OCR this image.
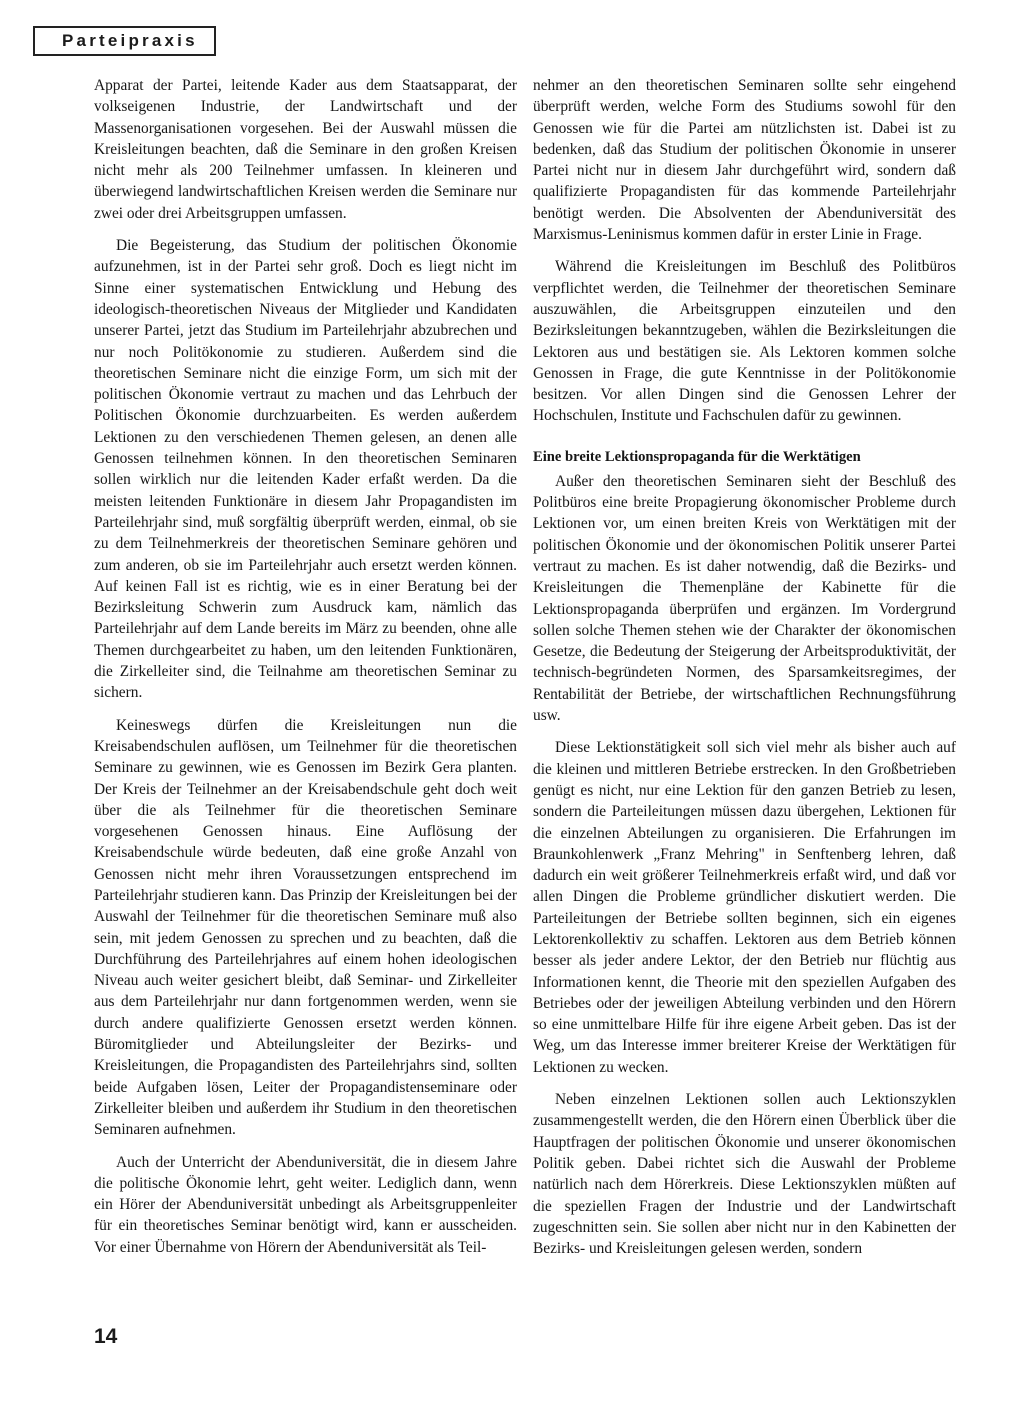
Parteipraxis

Apparat der Partei, leitende Kader aus dem Staatsapparat, der volkseigenen Industrie, der Landwirtschaft und der Massenorganisationen vorgesehen. Bei der Auswahl müssen die Kreisleitungen beachten, daß die Seminare in den großen Kreisen nicht mehr als 200 Teilnehmer umfassen. In kleineren und überwiegend landwirtschaftlichen Kreisen werden die Seminare nur zwei oder drei Arbeitsgruppen umfassen.

Die Begeisterung, das Studium der politischen Ökonomie aufzunehmen, ist in der Partei sehr groß. Doch es liegt nicht im Sinne einer systematischen Entwicklung und Hebung des ideologisch-theoretischen Niveaus der Mitglieder und Kandidaten unserer Partei, jetzt das Studium im Parteilehrjahr abzubrechen und nur noch Politökonomie zu studieren. Außerdem sind die theoretischen Seminare nicht die einzige Form, um sich mit der politischen Ökonomie vertraut zu machen und das Lehrbuch der Politischen Ökonomie durchzuarbeiten. Es werden außerdem Lektionen zu den verschiedenen Themen gelesen, an denen alle Genossen teilnehmen können. In den theoretischen Seminaren sollen wirklich nur die leitenden Kader erfaßt werden. Da die meisten leitenden Funktionäre in diesem Jahr Propagandisten im Parteilehrjahr sind, muß sorgfältig überprüft werden, einmal, ob sie zu dem Teilnehmerkreis der theoretischen Seminare gehören und zum anderen, ob sie im Parteilehrjahr auch ersetzt werden können. Auf keinen Fall ist es richtig, wie es in einer Beratung bei der Bezirksleitung Schwerin zum Ausdruck kam, nämlich das Parteilehrjahr auf dem Lande bereits im März zu beenden, ohne alle Themen durchgearbeitet zu haben, um den leitenden Funktionären, die Zirkelleiter sind, die Teilnahme am theoretischen Seminar zu sichern.

Keineswegs dürfen die Kreisleitungen nun die Kreisabendschulen auflösen, um Teilnehmer für die theoretischen Seminare zu gewinnen, wie es Genossen im Bezirk Gera planten. Der Kreis der Teilnehmer an der Kreisabendschule geht doch weit über die als Teilnehmer für die theoretischen Seminare vorgesehenen Genossen hinaus. Eine Auflösung der Kreisabendschule würde bedeuten, daß eine große Anzahl von Genossen nicht mehr ihren Voraussetzungen entsprechend im Parteilehrjahr studieren kann. Das Prinzip der Kreisleitungen bei der Auswahl der Teilnehmer für die theoretischen Seminare muß also sein, mit jedem Genossen zu sprechen und zu beachten, daß die Durchführung des Parteilehrjahres auf einem hohen ideologischen Niveau auch weiter gesichert bleibt, daß Seminar- und Zirkelleiter aus dem Parteilehrjahr nur dann fortgenommen werden, wenn sie durch andere qualifizierte Genossen ersetzt werden können. Büromitglieder und Abteilungsleiter der Bezirks- und Kreisleitungen, die Propagandisten des Parteilehrjahrs sind, sollten beide Aufgaben lösen, Leiter der Propagandistenseminare oder Zirkelleiter bleiben und außerdem ihr Studium in den theoretischen Seminaren aufnehmen.

Auch der Unterricht der Abenduniversität, die in diesem Jahre die politische Ökonomie lehrt, geht weiter. Lediglich dann, wenn ein Hörer der Abenduniversität unbedingt als Arbeitsgruppenleiter für ein theoretisches Seminar benötigt wird, kann er ausscheiden. Vor einer Übernahme von Hörern der Abenduniversität als Teil-

nehmer an den theoretischen Seminaren sollte sehr eingehend überprüft werden, welche Form des Studiums sowohl für den Genossen wie für die Partei am nützlichsten ist. Dabei ist zu bedenken, daß das Studium der politischen Ökonomie in unserer Partei nicht nur in diesem Jahr durchgeführt wird, sondern daß qualifizierte Propagandisten für das kommende Parteilehrjahr benötigt werden. Die Absolventen der Abenduniversität des Marxismus-Leninismus kommen dafür in erster Linie in Frage.

Während die Kreisleitungen im Beschluß des Politbüros verpflichtet werden, die Teilnehmer der theoretischen Seminare auszuwählen, die Arbeitsgruppen einzuteilen und den Bezirksleitungen bekanntzugeben, wählen die Bezirksleitungen die Lektoren aus und bestätigen sie. Als Lektoren kommen solche Genossen in Frage, die gute Kenntnisse in der Politökonomie besitzen. Vor allen Dingen sind die Genossen Lehrer der Hochschulen, Institute und Fachschulen dafür zu gewinnen.

Eine breite Lektionspropaganda für die Werktätigen

Außer den theoretischen Seminaren sieht der Beschluß des Politbüros eine breite Propagierung ökonomischer Probleme durch Lektionen vor, um einen breiten Kreis von Werktätigen mit der politischen Ökonomie und der ökonomischen Politik unserer Partei vertraut zu machen. Es ist daher notwendig, daß die Bezirks- und Kreisleitungen die Themenpläne der Kabinette für die Lektionspropaganda überprüfen und ergänzen. Im Vordergrund sollen solche Themen stehen wie der Charakter der ökonomischen Gesetze, die Bedeutung der Steigerung der Arbeitsproduktivität, der technisch-begründeten Normen, des Sparsamkeitsregimes, der Rentabilität der Betriebe, der wirtschaftlichen Rechnungsführung usw.

Diese Lektionstätigkeit soll sich viel mehr als bisher auch auf die kleinen und mittleren Betriebe erstrecken. In den Großbetrieben genügt es nicht, nur eine Lektion für den ganzen Betrieb zu lesen, sondern die Parteileitungen müssen dazu übergehen, Lektionen für die einzelnen Abteilungen zu organisieren. Die Erfahrungen im Braunkohlenwerk „Franz Mehring" in Senftenberg lehren, daß dadurch ein weit größerer Teilnehmerkreis erfaßt wird, und daß vor allen Dingen die Probleme gründlicher diskutiert werden. Die Parteileitungen der Betriebe sollten beginnen, sich ein eigenes Lektorenkollektiv zu schaffen. Lektoren aus dem Betrieb können besser als jeder andere Lektor, der den Betrieb nur flüchtig aus Informationen kennt, die Theorie mit den speziellen Aufgaben des Betriebes oder der jeweiligen Abteilung verbinden und den Hörern so eine unmittelbare Hilfe für ihre eigene Arbeit geben. Das ist der Weg, um das Interesse immer breiterer Kreise der Werktätigen für Lektionen zu wecken.

Neben einzelnen Lektionen sollen auch Lektionszyklen zusammengestellt werden, die den Hörern einen Überblick über die Hauptfragen der politischen Ökonomie und unserer ökonomischen Politik geben. Dabei richtet sich die Auswahl der Probleme natürlich nach dem Hörerkreis. Diese Lektionszyklen müßten auf die speziellen Fragen der Industrie und der Landwirtschaft zugeschnitten sein. Sie sollen aber nicht nur in den Kabinetten der Bezirks- und Kreisleitungen gelesen werden, sondern

14
